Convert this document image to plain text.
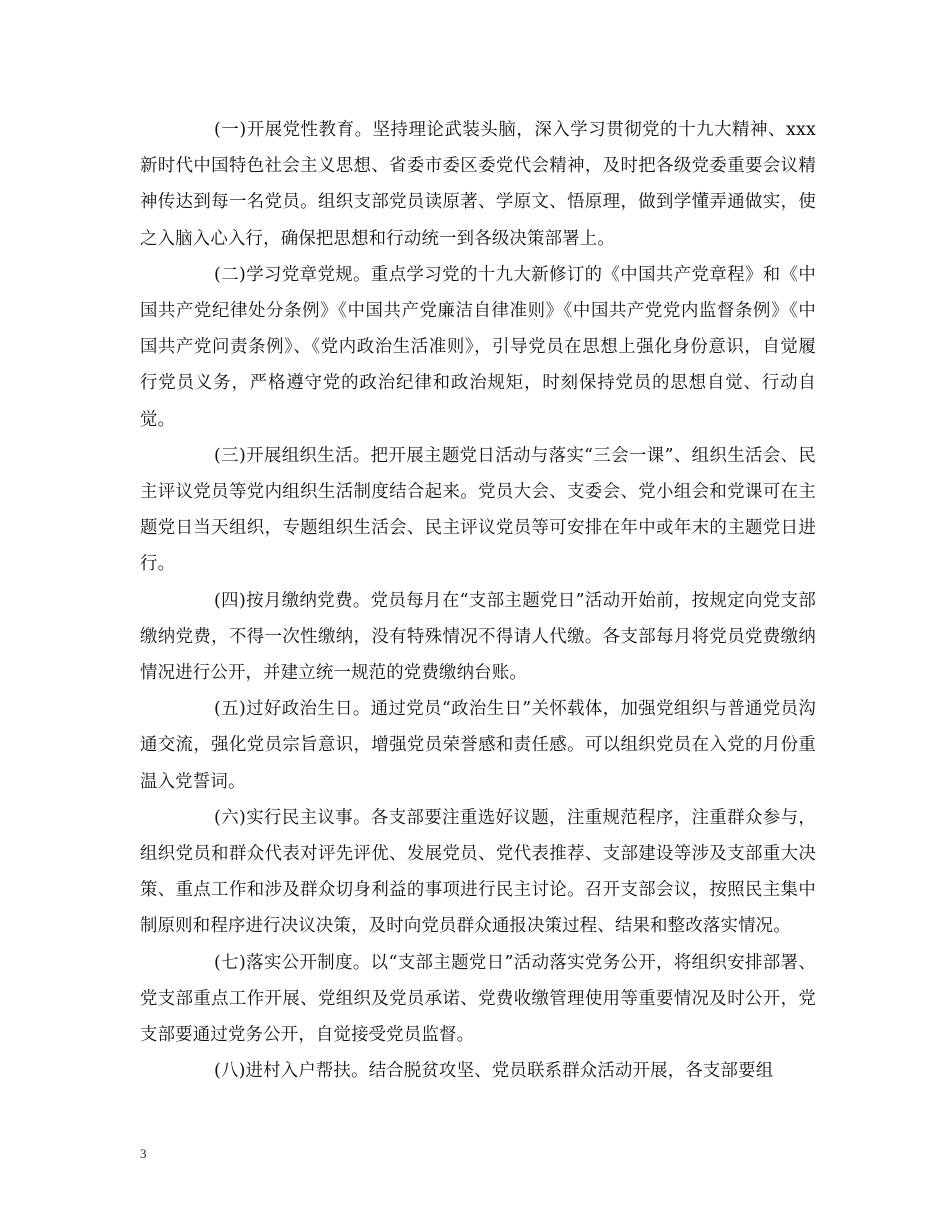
(一)开展党性教育。坚持理论武装头脑，深入学习贯彻党的十九大精神、xxx新时代中国特色社会主义思想、省委市委区委党代会精神，及时把各级党委重要会议精神传达到每一名党员。组织支部党员读原著、学原文、悟原理，做到学懂弄通做实，使之入脑入心入行，确保把思想和行动统一到各级决策部署上。

(二)学习党章党规。重点学习党的十九大新修订的《中国共产党章程》和《中国共产党纪律处分条例》《中国共产党廉洁自律准则》《中国共产党党内监督条例》《中国共产党问责条例》、《党内政治生活准则》，引导党员在思想上强化身份意识，自觉履行党员义务，严格遵守党的政治纪律和政治规矩，时刻保持党员的思想自觉、行动自觉。

(三)开展组织生活。把开展主题党日活动与落实“三会一课”、组织生活会、民主评议党员等党内组织生活制度结合起来。党员大会、支委会、党小组会和党课可在主题党日当天组织，专题组织生活会、民主评议党员等可安排在年中或年末的主题党日进行。

(四)按月缴纳党费。党员每月在“支部主题党日”活动开始前，按规定向党支部缴纳党费，不得一次性缴纳，没有特殊情况不得请人代缴。各支部每月将党员党费缴纳情况进行公开，并建立统一规范的党费缴纳台账。

(五)过好政治生日。通过党员“政治生日”关怀载体，加强党组织与普通党员沟通交流，强化党员宗旨意识，增强党员荣誉感和责任感。可以组织党员在入党的月份重温入党誓词。

(六)实行民主议事。各支部要注重选好议题，注重规范程序，注重群众参与，组织党员和群众代表对评先评优、发展党员、党代表推荐、支部建设等涉及支部重大决策、重点工作和涉及群众切身利益的事项进行民主讨论。召开支部会议，按照民主集中制原则和程序进行决议决策，及时向党员群众通报决策过程、结果和整改落实情况。

(七)落实公开制度。以“支部主题党日”活动落实党务公开，将组织安排部署、党支部重点工作开展、党组织及党员承诺、党费收缴管理使用等重要情况及时公开，党支部要通过党务公开，自觉接受党员监督。

(八)进村入户帮扶。结合脱贫攻坚、党员联系群众活动开展，各支部要组

3
